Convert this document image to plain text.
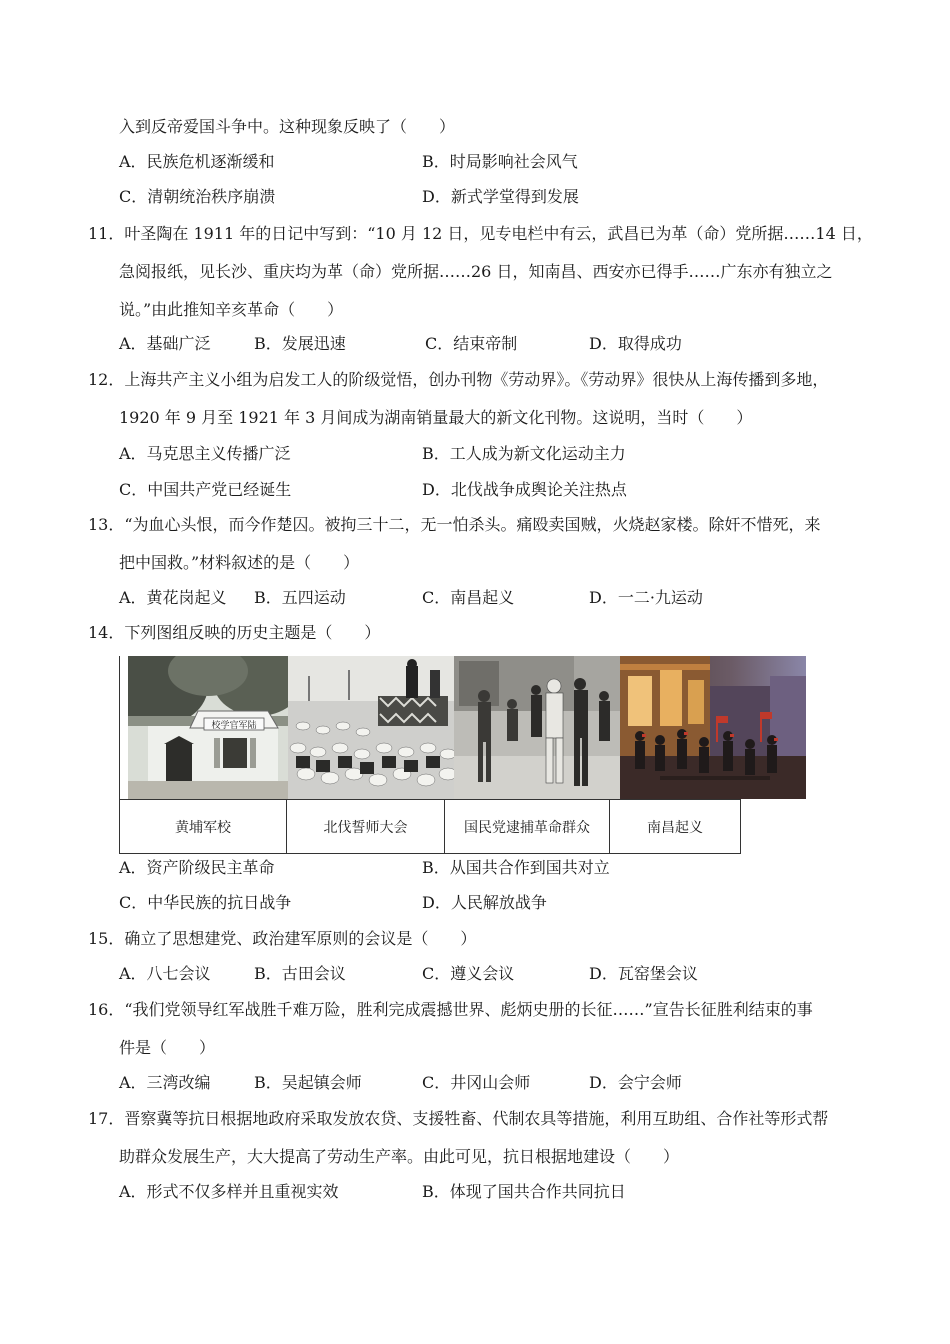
入到反帝爱国斗争中。这种现象反映了（　　）
A．民族危机逐渐缓和	B．时局影响社会风气
C．清朝统治秩序崩溃	D．新式学堂得到发展
11．叶圣陶在 1911 年的日记中写到：“10 月 12 日，见专电栏中有云，武昌已为革（命）党所据……14 日，
急阅报纸，见长沙、重庆均为革（命）党所据……26 日，知南昌、西安亦已得手……广东亦有独立之
说。”由此推知辛亥革命（　　）
A．基础广泛	B．发展迅速	C．结束帝制	D．取得成功
12．上海共产主义小组为启发工人的阶级觉悟，创办刊物《劳动界》。《劳动界》很快从上海传播到多地，
1920 年 9 月至 1921 年 3 月间成为湖南销量最大的新文化刊物。这说明，当时（　　）
A．马克思主义传播广泛	B．工人成为新文化运动主力
C．中国共产党已经诞生	D．北伐战争成舆论关注热点
13．“为血心头恨，而今作楚囚。被拘三十二，无一怕杀头。痛殴卖国贼，火烧赵家楼。除奸不惜死，来
把中国救。”材料叙述的是（　　）
A．黄花岗起义 B．五四运动	C．南昌起义	D．一二·九运动
14．下列图组反映的历史主题是（　　）
校学官军陆
黄埔军校	北伐誓师大会	国民党逮捕革命群众	南昌起义
A．资产阶级民主革命	B．从国共合作到国共对立
C．中华民族的抗日战争	D．人民解放战争
15．确立了思想建党、政治建军原则的会议是（　　）
A．八七会议	B．古田会议	C．遵义会议	D．瓦窑堡会议
16．“我们党领导红军战胜千难万险，胜利完成震撼世界、彪炳史册的长征……”宣告长征胜利结束的事
件是（　　）
A．三湾改编	B．吴起镇会师	C．井冈山会师	D．会宁会师
17．晋察冀等抗日根据地政府采取发放农贷、支援牲畜、代制农具等措施，利用互助组、合作社等形式帮
助群众发展生产，大大提高了劳动生产率。由此可见，抗日根据地建设（　　）
A．形式不仅多样并且重视实效	B．体现了国共合作共同抗日
